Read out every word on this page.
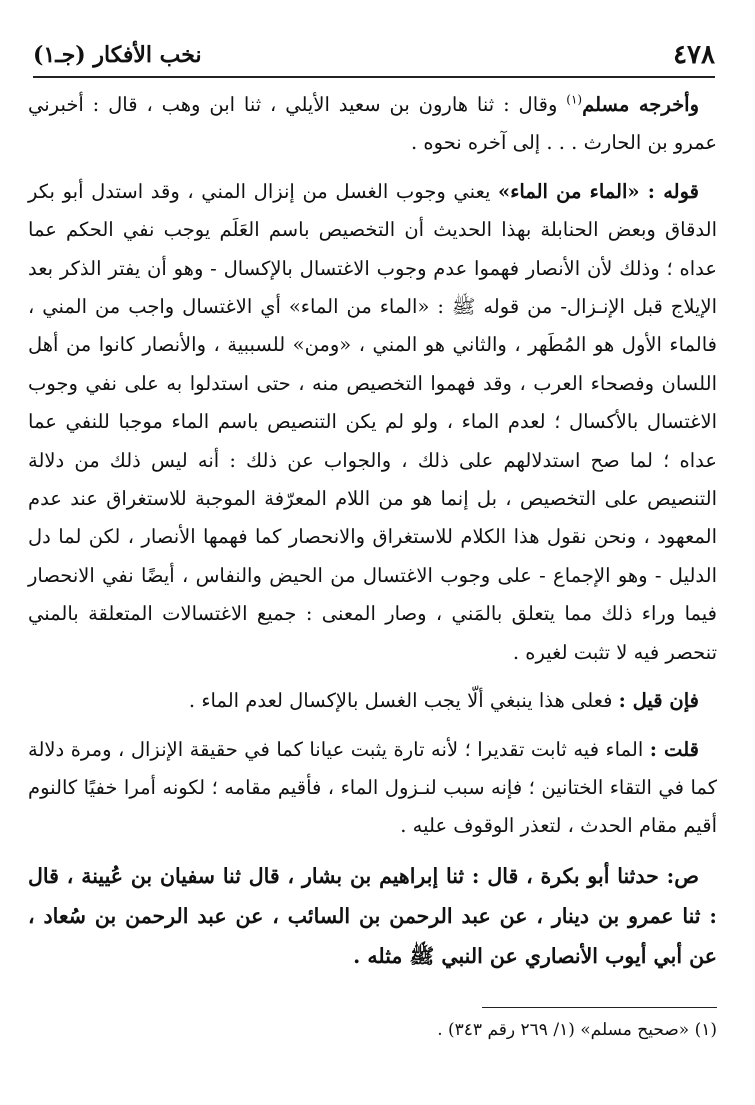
٤٧٨
نخب الأفكار (جـ١)

وأخرجه مسلم$^{(١)}$ وقال : ثنا هارون بن سعيد الأيلي ، ثنا ابن وهب ، قال : أخبرني عمرو بن الحارث . . . إلى آخره نحوه .

قوله : «الماء من الماء» يعني وجوب الغسل من إنزال المني ، وقد استدل أبو بكر الدقاق وبعض الحنابلة بهذا الحديث أن التخصيص باسم العَلَم يوجب نفي الحكم عما عداه ؛ وذلك لأن الأنصار فهموا عدم وجوب الاغتسال بالإكسال - وهو أن يفتر الذكر بعد الإيلاج قبل الإنـزال- من قوله ﷺ : «الماء من الماء» أي الاغتسال واجب من المني ، فالماء الأول هو المُطَهر ، والثاني هو المني ، «ومن» للسببية ، والأنصار كانوا من أهل اللسان وفصحاء العرب ، وقد فهموا التخصيص منه ، حتى استدلوا به على نفي وجوب الاغتسال بالأكسال ؛ لعدم الماء ، ولو لم يكن التنصيص باسم الماء موجبا للنفي عما عداه ؛ لما صح استدلالهم على ذلك ، والجواب عن ذلك : أنه ليس ذلك من دلالة التنصيص على التخصيص ، بل إنما هو من اللام المعرّفة الموجبة للاستغراق عند عدم المعهود ، ونحن نقول هذا الكلام للاستغراق والانحصار كما فهمها الأنصار ، لكن لما دل الدليل - وهو الإجماع - على وجوب الاغتسال من الحيض والنفاس ، أيضًا نفي الانحصار فيما وراء ذلك مما يتعلق بالمَني ، وصار المعنى : جميع الاغتسالات المتعلقة بالمني تنحصر فيه لا تثبت لغيره .

فإن قيل : فعلى هذا ينبغي ألّا يجب الغسل بالإكسال لعدم الماء .

قلت : الماء فيه ثابت تقديرا ؛ لأنه تارة يثبت عيانا كما في حقيقة الإنزال ، ومرة دلالة كما في التقاء الختانين ؛ فإنه سبب لنـزول الماء ، فأقيم مقامه ؛ لكونه أمرا خفيًا كالنوم أقيم مقام الحدث ، لتعذر الوقوف عليه .

ص: حدثنا أبو بكرة ، قال : ثنا إبراهيم بن بشار ، قال ثنا سفيان بن عُيينة ، قال : ثنا عمرو بن دينار ، عن عبد الرحمن بن السائب ، عن عبد الرحمن بن سُعاد ، عن أبي أيوب الأنصاري عن النبي ﷺ مثله .

(١) «صحيح مسلم» (١/ ٢٦٩ رقم ٣٤٣) .
